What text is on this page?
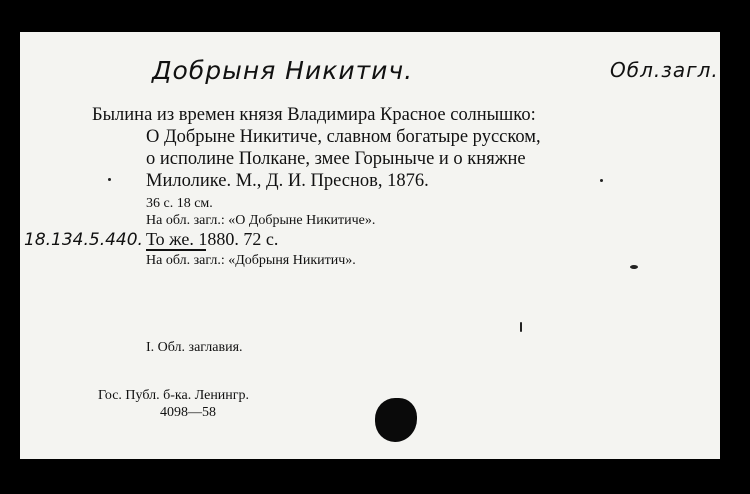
Добрыня Никитич.	Обл.загл.
Былина из времен князя Владимира Красное солнышко:
О Добрыне Никитиче, славном богатыре русском,
о исполине Полкане, змее Горыныче и о княжне
Милолике. М., Д. И. Преснов, 1876.
36 с. 18 см.
На обл. загл.: «О Добрыне Никитиче».
18.134.5.440. То же. 1880. 72 с.
На обл. загл.: «Добрыня Никитич».
I. Обл. заглавия.
Гос. Публ. б-ка. Ленингр.
4098—58
